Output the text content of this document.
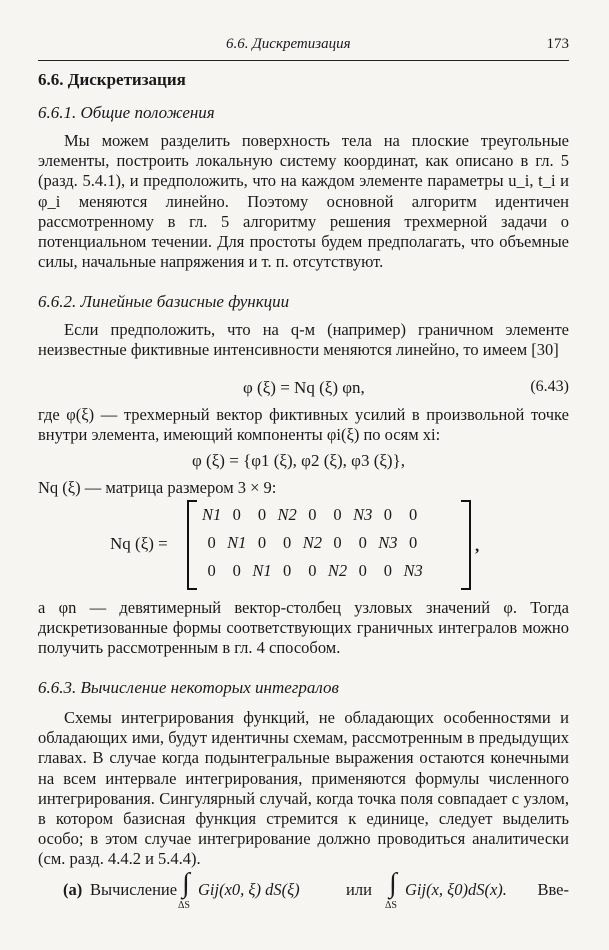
6.6. Дискретизация	173
6.6. Дискретизация
6.6.1. Общие положения

Мы можем разделить поверхность тела на плоские треугольные элементы, построить локальную систему координат, как описано в гл. 5 (разд. 5.4.1), и предположить, что на каждом элементе параметры u_i, t_i и φ_i меняются линейно. Поэтому основной алгоритм идентичен рассмотренному в гл. 5 алгоритму решения трехмерной задачи о потенциальном течении. Для простоты будем предполагать, что объемные силы, начальные напряжения и т. п. отсутствуют.

6.6.2. Линейные базисные функции

Если предположить, что на q-м (например) граничном элементе неизвестные фиктивные интенсивности меняются линейно, то имеем [30]

φ (ξ) = Nq (ξ) φn,	(6.43)

где φ(ξ) — трехмерный вектор фиктивных усилий в произвольной точке внутри элемента, имеющий компоненты φi(ξ) по осям xi:

φ (ξ) = {φ1 (ξ), φ2 (ξ), φ3 (ξ)},
Nq (ξ) — матрица размером 3 × 9:
Nq (ξ) =
N1	0	0	N2	0	0	N3	0	0
0	N1	0	0	N2	0	0	N3	0
0	0	N1	0	0	N2	0	0	N3
,

а φn — девятимерный вектор-столбец узловых значений φ. Тогда дискретизованные формы соответствующих граничных интегралов можно получить рассмотренным в гл. 4 способом.

6.6.3. Вычисление некоторых интегралов

Схемы интегрирования функций, не обладающих особенностями и обладающих ими, будут идентичны схемам, рассмотренным в предыдущих главах. В случае когда подынтегральные выражения остаются конечными на всем интервале интегрирования, применяются формулы численного интегрирования. Сингулярный случай, когда точка поля совпадает с узлом, в котором базисная функция стремится к единице, следует выделить особо; в этом случае интегрирование должно проводиться аналитически (см. разд. 4.4.2 и 5.4.4).

(a) Вычисление ∫
ΔS
Gij(x0, ξ) dS(ξ)	или ∫
ΔS
Gij(x, ξ0)dS(x). Вве-
